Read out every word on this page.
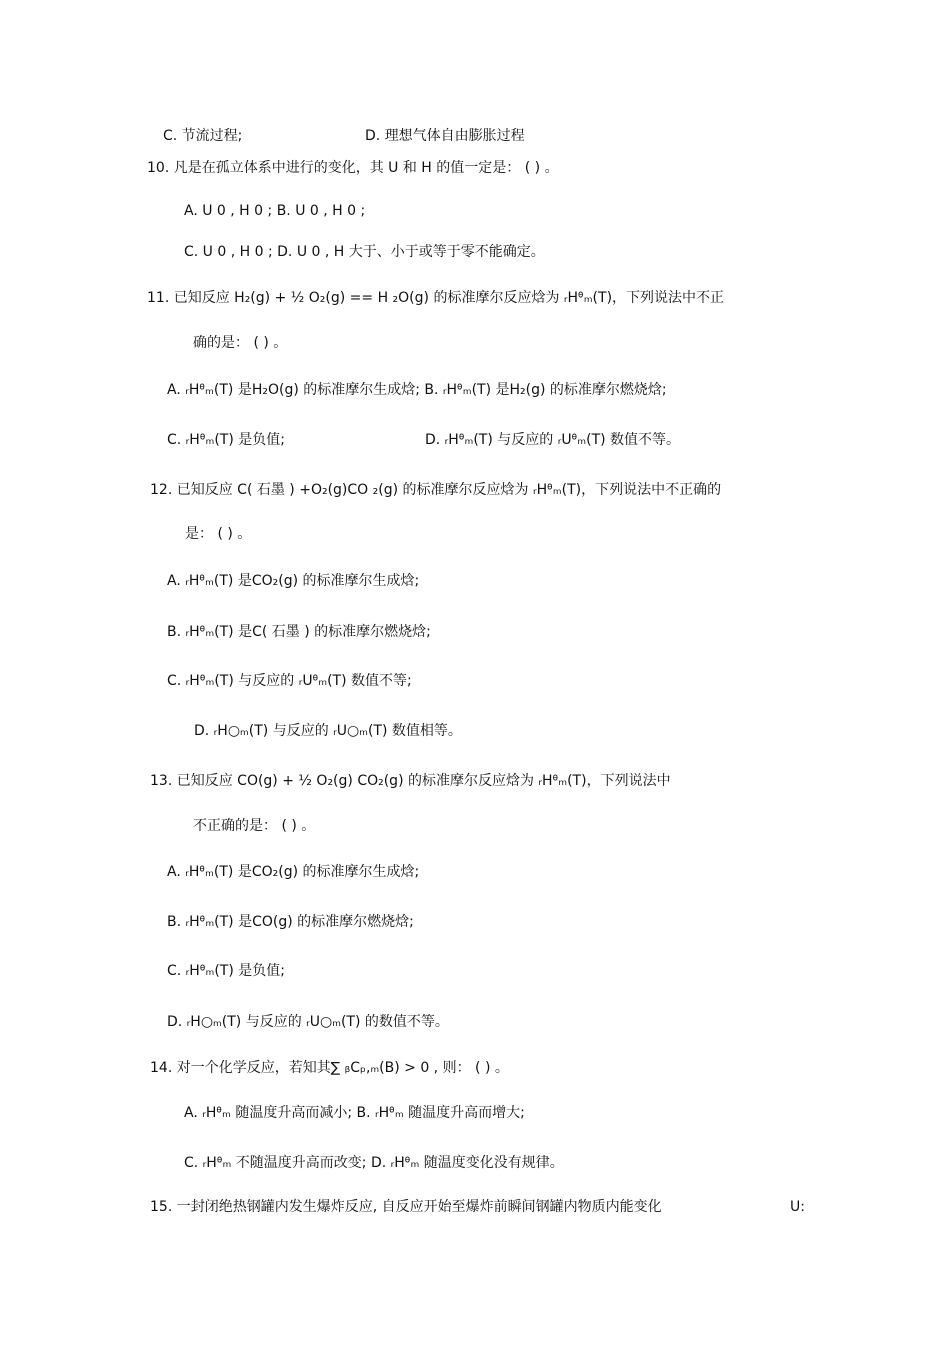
C. 节流过程;	D. 理想气体自由膨胀过程
10. 凡是在孤立体系中进行的变化，其 U 和 H 的值一定是： ( ) 。
A. U 0 , H 0 ; B. U 0 , H 0 ;
C. U 0 , H 0 ; D. U 0 , H 大于、小于或等于零不能确定。
11. 已知反应 H₂(g) + ½ O₂(g) == H ₂O(g) 的标准摩尔反应焓为 ᵣHᶿₘ(T)，下列说法中不正
确的是： ( ) 。
A. ᵣHᶿₘ(T) 是H₂O(g) 的标准摩尔生成焓; B. ᵣHᶿₘ(T) 是H₂(g) 的标准摩尔燃烧焓;
C. ᵣHᶿₘ(T) 是负值;	D. ᵣHᶿₘ(T) 与反应的 ᵣUᶿₘ(T) 数值不等。
12. 已知反应 C( 石墨 ) +O₂(g)CO ₂(g) 的标准摩尔反应焓为 ᵣHᶿₘ(T)，下列说法中不正确的
是： ( ) 。
A. ᵣHᶿₘ(T) 是CO₂(g) 的标准摩尔生成焓;
B. ᵣHᶿₘ(T) 是C( 石墨 ) 的标准摩尔燃烧焓;
C. ᵣHᶿₘ(T) 与反应的 ᵣUᶿₘ(T) 数值不等;
D. ᵣH○ₘ(T) 与反应的 ᵣU○ₘ(T) 数值相等。
13. 已知反应 CO(g) + ½ O₂(g) CO₂(g) 的标准摩尔反应焓为 ᵣHᶿₘ(T)，下列说法中
不正确的是： ( ) 。
A. ᵣHᶿₘ(T) 是CO₂(g) 的标准摩尔生成焓;
B. ᵣHᶿₘ(T) 是CO(g) 的标准摩尔燃烧焓;
C. ᵣHᶿₘ(T) 是负值;
D. ᵣH○ₘ(T) 与反应的 ᵣU○ₘ(T) 的数值不等。
14. 对一个化学反应，若知其∑ ᵦCₚ,ₘ(B) > 0 , 则： ( ) 。
A. ᵣHᶿₘ 随温度升高而减小; B. ᵣHᶿₘ 随温度升高而增大;
C. ᵣHᶿₘ 不随温度升高而改变; D. ᵣHᶿₘ 随温度变化没有规律。
15. 一封闭绝热钢罐内发生爆炸反应, 自反应开始至爆炸前瞬间钢罐内物质内能变化	U:
